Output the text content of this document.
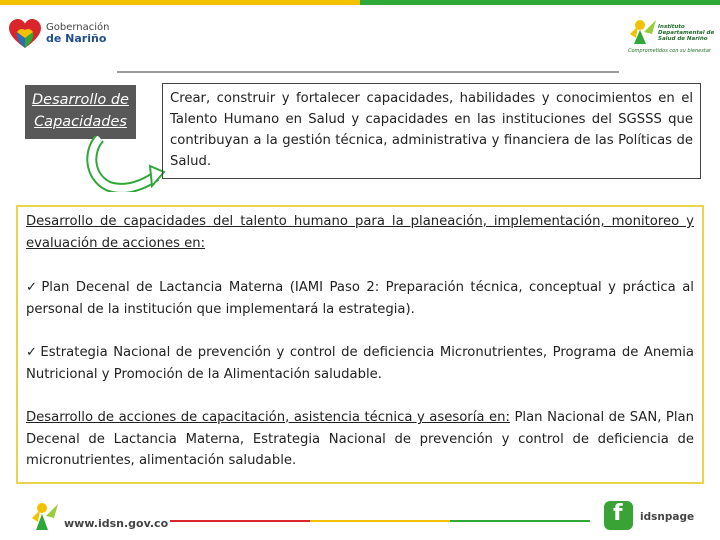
Gobernación
de Nariño
Instituto Departamental de Salud de Nariño
Comprometidos con su bienestar
Desarrollo de Capacidades
Crear, construir y fortalecer capacidades, habilidades y conocimientos en el Talento Humano en Salud y capacidades en las instituciones del SGSSS que contribuyan a la gestión técnica, administrativa y financiera de las Políticas de Salud.

Desarrollo de capacidades del talento humano para la planeación, implementación, monitoreo y evaluación de acciones en:

✓ Plan Decenal de Lactancia Materna (IAMI Paso 2: Preparación técnica, conceptual y práctica al personal de la institución que implementará la estrategia).

✓ Estrategia Nacional de prevención y control de deficiencia Micronutrientes, Programa de Anemia Nutricional y Promoción de la Alimentación saludable.

Desarrollo de acciones de capacitación, asistencia técnica y asesoría en: Plan Nacional de SAN, Plan Decenal de Lactancia Materna, Estrategia Nacional de prevención y control de deficiencia de micronutrientes, alimentación saludable.

www.idsn.gov.co	f idsnpage
